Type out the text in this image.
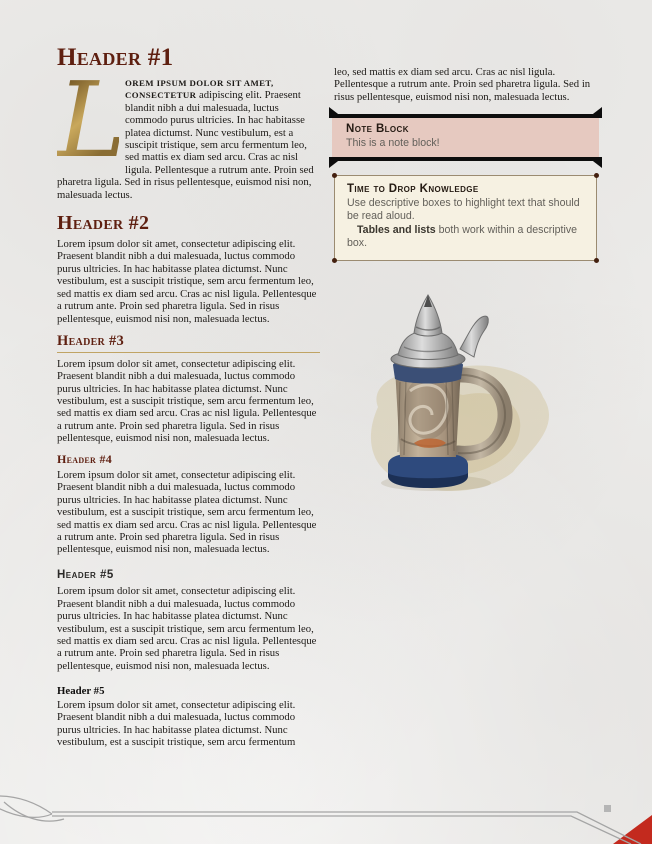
Header #1

L
OREM IPSUM DOLOR SIT AMET, CONSECTETUR adipiscing elit. Praesent blandit nibh a dui malesuada, luctus commodo purus ultricies. In hac habitasse platea dictumst. Nunc vestibulum, est a suscipit tristique, sem arcu fermentum leo, sed mattis ex diam sed arcu. Cras ac nisl ligula. Pellentesque a rutrum ante. Proin sed pharetra ligula. Sed in risus pellentesque, euismod nisi non, malesuada lectus.

Header #2

Lorem ipsum dolor sit amet, consectetur adipiscing elit. Praesent blandit nibh a dui malesuada, luctus commodo purus ultricies. In hac habitasse platea dictumst. Nunc vestibulum, est a suscipit tristique, sem arcu fermentum leo, sed mattis ex diam sed arcu. Cras ac nisl ligula. Pellentesque a rutrum ante. Proin sed pharetra ligula. Sed in risus pellentesque, euismod nisi non, malesuada lectus.

Header #3

Lorem ipsum dolor sit amet, consectetur adipiscing elit. Praesent blandit nibh a dui malesuada, luctus commodo purus ultricies. In hac habitasse platea dictumst. Nunc vestibulum, est a suscipit tristique, sem arcu fermentum leo, sed mattis ex diam sed arcu. Cras ac nisl ligula. Pellentesque a rutrum ante. Proin sed pharetra ligula. Sed in risus pellentesque, euismod nisi non, malesuada lectus.

Header #4

Lorem ipsum dolor sit amet, consectetur adipiscing elit. Praesent blandit nibh a dui malesuada, luctus commodo purus ultricies. In hac habitasse platea dictumst. Nunc vestibulum, est a suscipit tristique, sem arcu fermentum leo, sed mattis ex diam sed arcu. Cras ac nisl ligula. Pellentesque a rutrum ante. Proin sed pharetra ligula. Sed in risus pellentesque, euismod nisi non, malesuada lectus.

Header #5

Lorem ipsum dolor sit amet, consectetur adipiscing elit. Praesent blandit nibh a dui malesuada, luctus commodo purus ultricies. In hac habitasse platea dictumst. Nunc vestibulum, est a suscipit tristique, sem arcu fermentum leo, sed mattis ex diam sed arcu. Cras ac nisl ligula. Pellentesque a rutrum ante. Proin sed pharetra ligula. Sed in risus pellentesque, euismod nisi non, malesuada lectus.

Header #5

Lorem ipsum dolor sit amet, consectetur adipiscing elit. Praesent blandit nibh a dui malesuada, luctus commodo purus ultricies. In hac habitasse platea dictumst. Nunc vestibulum, est a suscipit tristique, sem arcu fermentum

leo, sed mattis ex diam sed arcu. Cras ac nisl ligula. Pellentesque a rutrum ante. Proin sed pharetra ligula. Sed in risus pellentesque, euismod nisi non, malesuada lectus.

Note Block

This is a note block!

Time to Drop Knowledge

Use descriptive boxes to highlight text that should be read aloud.

Tables and lists both work within a descriptive box.
